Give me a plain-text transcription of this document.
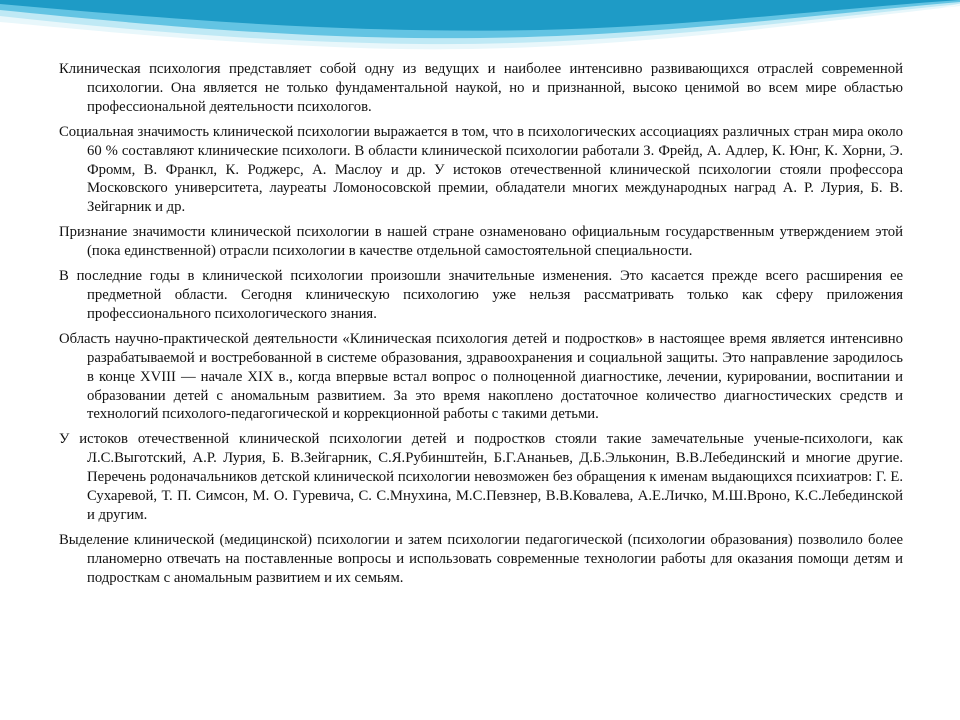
Клиническая психология представляет собой одну из ведущих и наиболее интенсивно развивающихся отраслей современной психологии. Она является не только фундаментальной наукой, но и признанной, высоко ценимой во всем мире областью профессиональной деятельности психологов.

Социальная значимость клинической психологии выражается в том, что в психологических ассоциациях различных стран мира около 60 % составляют клинические психологи. В области клинической психологии работали З. Фрейд, А. Адлер, К. Юнг, К. Хорни, Э. Фромм, В. Франкл, К. Роджерс, А. Маслоу и др. У истоков отечественной клинической психологии стояли профессора Московского университета, лауреаты Ломоносовской премии, обладатели многих международных наград А. Р. Лурия, Б. В. Зейгарник и др.

Признание значимости клинической психологии в нашей стране ознаменовано официальным государственным утверждением этой (пока единственной) отрасли психологии в качестве отдельной самостоятельной специальности.

В последние годы в клинической психологии произошли значительные изменения. Это касается прежде всего расширения ее предметной области. Сегодня клиническую психологию уже нельзя рассматривать только как сферу приложения профессионального психологического знания.

Область научно-практической деятельности «Клиническая психология детей и подростков» в настоящее время является интенсивно разрабатываемой и востребованной в системе образования, здравоохранения и социальной защиты. Это направление зародилось в конце XVIII — начале XIX в., когда впервые встал вопрос о полноценной диагностике, лечении, курировании, воспитании и образовании детей с аномальным развитием. За это время накоплено достаточное количество диагностических средств и технологий психолого-педагогической и коррекционной работы с такими детьми.

У истоков отечественной клинической психологии детей и подростков стояли такие замечательные ученые-психологи, как Л.С.Выготский, А.Р. Лурия, Б. В.Зейгарник, С.Я.Рубинштейн, Б.Г.Ананьев, Д.Б.Эльконин, В.В.Лебединский и многие другие. Перечень родоначальников детской клинической психологии невозможен без обращения к именам выдающихся психиатров: Г. Е. Сухаревой, Т. П. Симсон, М. О. Гуревича, С. С.Мнухина, М.С.Певзнер, В.В.Ковалева, А.Е.Личко, М.Ш.Вроно, К.С.Лебединской и другим.

Выделение клинической (медицинской) психологии и затем психологии педагогической (психологии образования) позволило более планомерно отвечать на поставленные вопросы и использовать современные технологии работы для оказания помощи детям и подросткам с аномальным развитием и их семьям.
